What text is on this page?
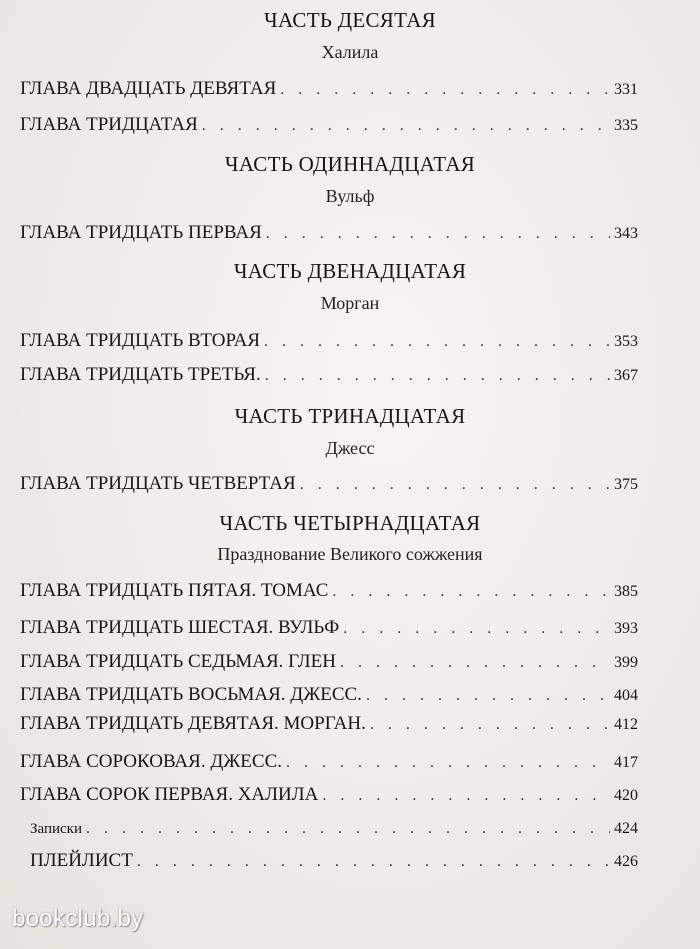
ЧАСТЬ ДЕСЯТАЯ
Халила
ГЛАВА ДВАДЦАТЬ ДЕВЯТАЯ . . .	331
ГЛАВА ТРИДЦАТАЯ . . .	335
ЧАСТЬ ОДИННАДЦАТАЯ
Вульф
ГЛАВА ТРИДЦАТЬ ПЕРВАЯ . . .	343
ЧАСТЬ ДВЕНАДЦАТАЯ
Морган
ГЛАВА ТРИДЦАТЬ ВТОРАЯ . . .	353
ГЛАВА ТРИДЦАТЬ ТРЕТЬЯ. . . .	367
ЧАСТЬ ТРИНАДЦАТАЯ
Джесс
ГЛАВА ТРИДЦАТЬ ЧЕТВЕРТАЯ . . .	375
ЧАСТЬ ЧЕТЫРНАДЦАТАЯ
Празднование Великого сожжения
ГЛАВА ТРИДЦАТЬ ПЯТАЯ. ТОМАС . . .	385
ГЛАВА ТРИДЦАТЬ ШЕСТАЯ. ВУЛЬФ . . .	393
ГЛАВА ТРИДЦАТЬ СЕДЬМАЯ. ГЛЕН . . .	399
ГЛАВА ТРИДЦАТЬ ВОСЬМАЯ. ДЖЕСС. . . .	404
ГЛАВА ТРИДЦАТЬ ДЕВЯТАЯ. МОРГАН. . . .	412
ГЛАВА СОРОКОВАЯ. ДЖЕСС. . . .	417
ГЛАВА СОРОК ПЕРВАЯ. ХАЛИЛА . . .	420
Записки . . .	424
ПЛЕЙЛИСТ . . .	426
bookclub.by
